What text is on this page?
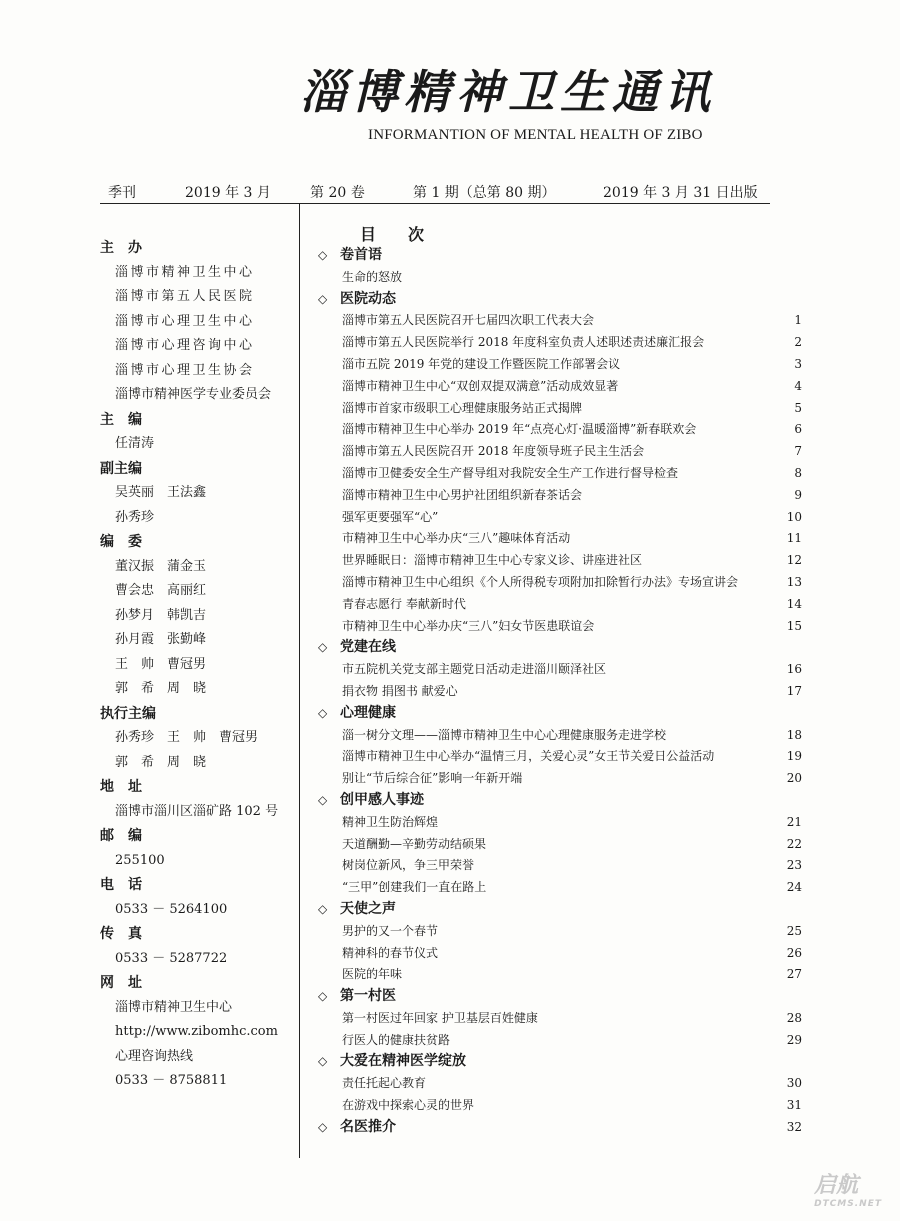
淄博精神卫生通讯
INFORMANTION OF MENTAL HEALTH OF ZIBO
季刊	2019 年 3 月	第 20 卷	第 1 期（总第 80 期）	2019 年 3 月 31 日出版
主　办
淄博市精神卫生中心
淄博市第五人民医院
淄博市心理卫生中心
淄博市心理咨询中心
淄博市心理卫生协会
淄博市精神医学专业委员会
主　编
任清涛
副主编
吴英丽　王法鑫
孙秀珍
编　委
董汉振　蒲金玉
曹会忠　高丽红
孙梦月　韩凯吉
孙月霞　张勤峰
王　帅　曹冠男
郭　希　周　晓
执行主编
孙秀珍　王　帅　曹冠男
郭　希　周　晓
地　址
淄博市淄川区淄矿路 102 号
邮　编
255100
电　话
0533 － 5264100
传　真
0533 － 5287722
网　址
淄博市精神卫生中心
http://www.zibomhc.com
心理咨询热线
0533 － 8758811
目　次
◇ 卷首语
生命的怒放
◇ 医院动态
淄博市第五人民医院召开七届四次职工代表大会	1
淄博市第五人民医院举行 2018 年度科室负责人述职述责述廉汇报会	2
淄市五院 2019 年党的建设工作暨医院工作部署会议	3
淄博市精神卫生中心“双创双提双满意”活动成效显著	4
淄博市首家市级职工心理健康服务站正式揭牌	5
淄博市精神卫生中心举办 2019 年“点亮心灯·温暖淄博”新春联欢会	6
淄博市第五人民医院召开 2018 年度领导班子民主生活会	7
淄博市卫健委安全生产督导组对我院安全生产工作进行督导检查	8
淄博市精神卫生中心男护社团组织新春茶话会	9
强军更要强军“心”	10
市精神卫生中心举办庆“三八”趣味体育活动	11
世界睡眠日：淄博市精神卫生中心专家义诊、讲座进社区	12
淄博市精神卫生中心组织《个人所得税专项附加扣除暂行办法》专场宣讲会	13
青春志愿行 奉献新时代	14
市精神卫生中心举办庆“三八”妇女节医患联谊会	15
◇ 党建在线
市五院机关党支部主题党日活动走进淄川颐泽社区	16
捐衣物 捐图书 献爱心	17
◇ 心理健康
淄一树分文理——淄博市精神卫生中心心理健康服务走进学校	18
淄博市精神卫生中心举办“温情三月，关爱心灵”女王节关爱日公益活动	19
别让“节后综合征”影响一年新开端	20
◇ 创甲感人事迹
精神卫生防治辉煌	21
天道酬勤—辛勤劳动结硕果	22
树岗位新风，争三甲荣誉	23
“三甲”创建我们一直在路上	24
◇ 天使之声
男护的又一个春节	25
精神科的春节仪式	26
医院的年味	27
◇ 第一村医
第一村医过年回家 护卫基层百姓健康	28
行医人的健康扶贫路	29
◇ 大爱在精神医学绽放
责任托起心教育	30
在游戏中探索心灵的世界	31
◇ 名医推介	32
启航
DTCMS.NET
